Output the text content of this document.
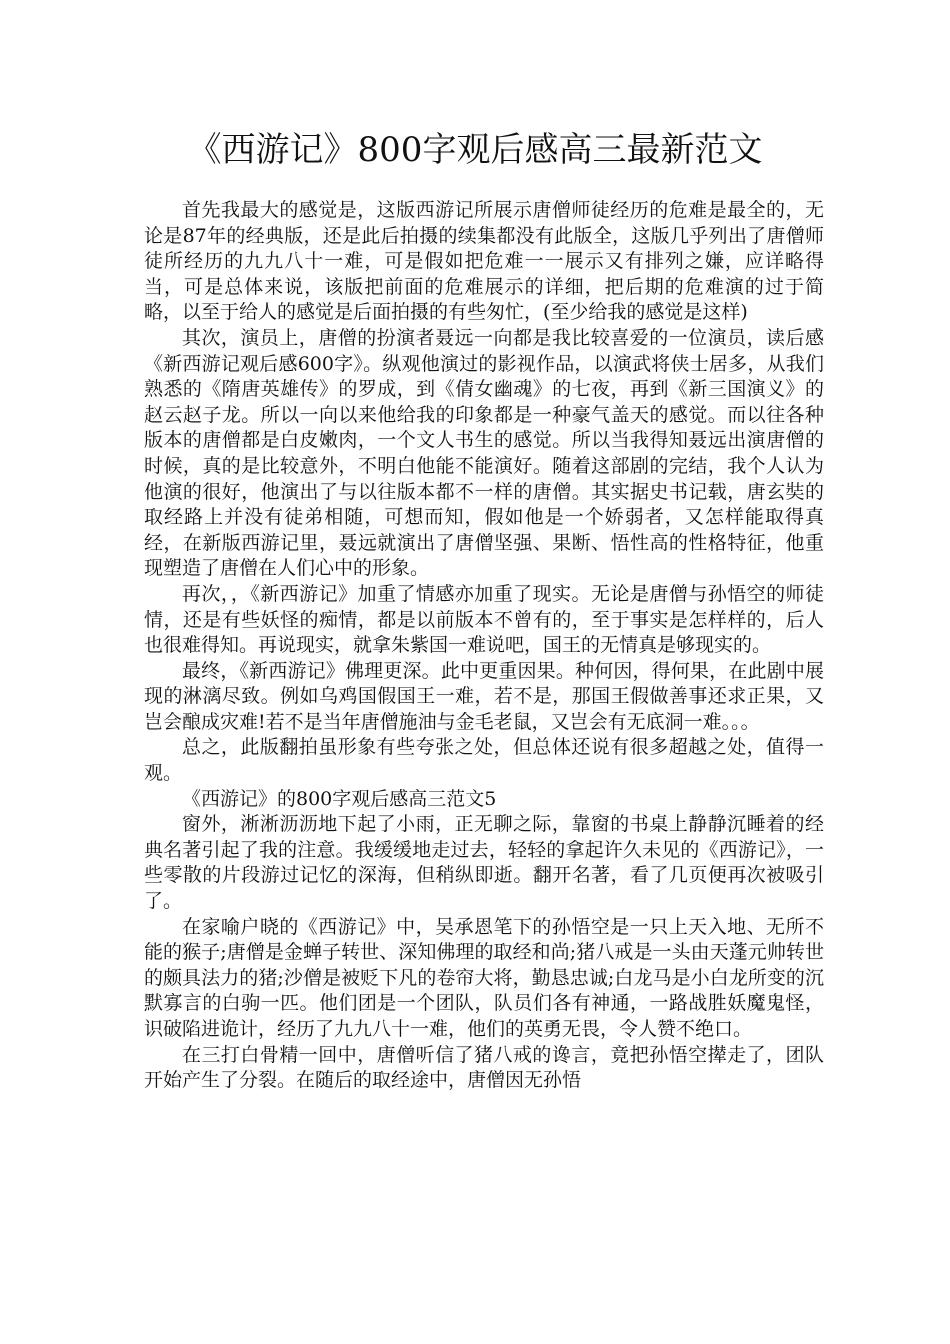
《西游记》800字观后感高三最新范文

首先我最大的感觉是，这版西游记所展示唐僧师徒经历的危难是最全的，无论是87年的经典版，还是此后拍摄的续集都没有此版全，这版几乎列出了唐僧师徒所经历的九九八十一难，可是假如把危难一一展示又有排列之嫌，应详略得当，可是总体来说，该版把前面的危难展示的详细，把后期的危难演的过于简略，以至于给人的感觉是后面拍摄的有些匆忙，(至少给我的感觉是这样)

其次，演员上，唐僧的扮演者聂远一向都是我比较喜爱的一位演员，读后感《新西游记观后感600字》。纵观他演过的影视作品，以演武将侠士居多，从我们熟悉的《隋唐英雄传》的罗成，到《倩女幽魂》的七夜，再到《新三国演义》的赵云赵子龙。所以一向以来他给我的印象都是一种豪气盖天的感觉。而以往各种版本的唐僧都是白皮嫩肉，一个文人书生的感觉。所以当我得知聂远出演唐僧的时候，真的是比较意外，不明白他能不能演好。随着这部剧的完结，我个人认为他演的很好，他演出了与以往版本都不一样的唐僧。其实据史书记载，唐玄奘的取经路上并没有徒弟相随，可想而知，假如他是一个娇弱者，又怎样能取得真经，在新版西游记里，聂远就演出了唐僧坚强、果断、悟性高的性格特征，他重现塑造了唐僧在人们心中的形象。

再次，，《新西游记》加重了情感亦加重了现实。无论是唐僧与孙悟空的师徒情，还是有些妖怪的痴情，都是以前版本不曾有的，至于事实是怎样样的，后人也很难得知。再说现实，就拿朱紫国一难说吧，国王的无情真是够现实的。

最终，《新西游记》佛理更深。此中更重因果。种何因，得何果，在此剧中展现的淋漓尽致。例如乌鸡国假国王一难，若不是，那国王假做善事还求正果，又岂会酿成灾难!若不是当年唐僧施油与金毛老鼠，又岂会有无底洞一难。。。

总之，此版翻拍虽形象有些夸张之处，但总体还说有很多超越之处，值得一观。

《西游记》的800字观后感高三范文5

窗外，淅淅沥沥地下起了小雨，正无聊之际，靠窗的书桌上静静沉睡着的经典名著引起了我的注意。我缓缓地走过去，轻轻的拿起许久未见的《西游记》，一些零散的片段游过记忆的深海，但稍纵即逝。翻开名著，看了几页便再次被吸引了。

在家喻户晓的《西游记》中，吴承恩笔下的孙悟空是一只上天入地、无所不能的猴子;唐僧是金蝉子转世、深知佛理的取经和尚;猪八戒是一头由天蓬元帅转世的颇具法力的猪;沙僧是被贬下凡的卷帘大将，勤恳忠诚;白龙马是小白龙所变的沉默寡言的白驹一匹。他们团是一个团队，队员们各有神通，一路战胜妖魔鬼怪，识破陷进诡计，经历了九九八十一难，他们的英勇无畏，令人赞不绝口。

在三打白骨精一回中，唐僧听信了猪八戒的谗言，竟把孙悟空撵走了，团队开始产生了分裂。在随后的取经途中，唐僧因无孙悟
